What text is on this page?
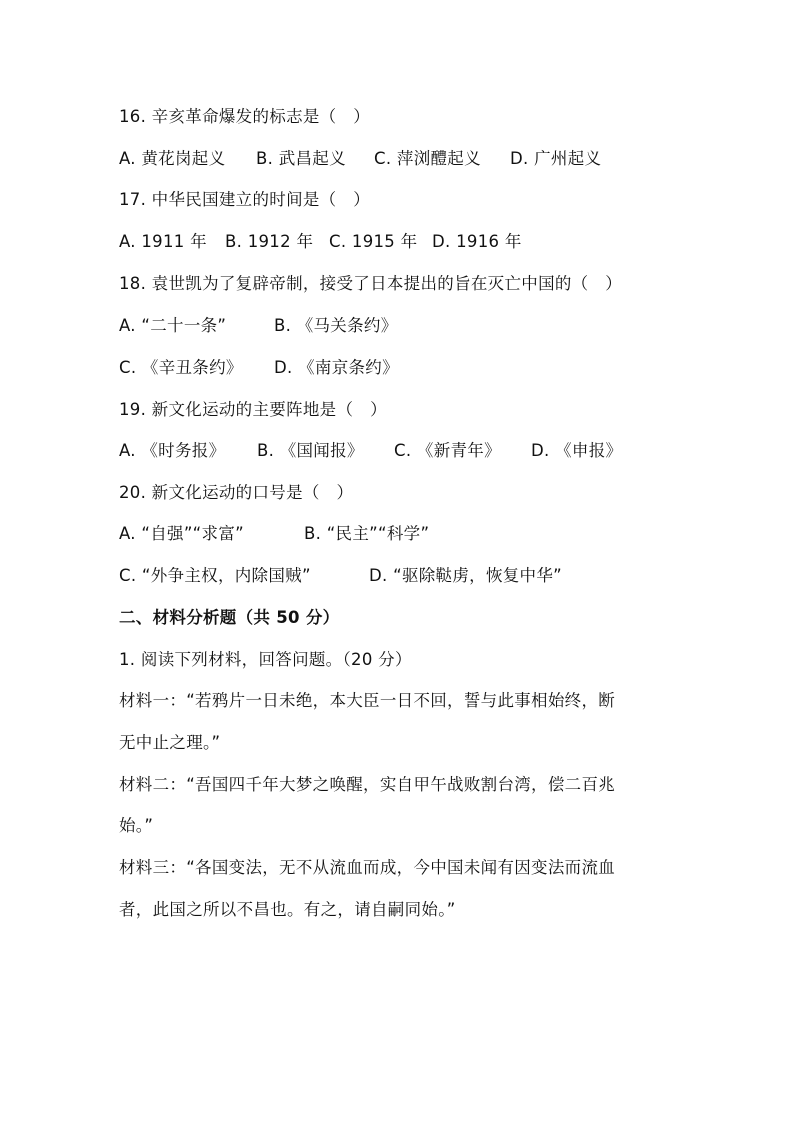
16. 辛亥革命爆发的标志是（　）
A. 黄花岗起义 B. 武昌起义 C. 萍浏醴起义 D. 广州起义
17. 中华民国建立的时间是（　）
A. 1911 年 B. 1912 年 C. 1915 年 D. 1916 年
18. 袁世凯为了复辟帝制，接受了日本提出的旨在灭亡中国的（　）
A. “二十一条”	B. 《马关条约》
C. 《辛丑条约》 D. 《南京条约》
19. 新文化运动的主要阵地是（　）
A. 《时务报》 B. 《国闻报》 C. 《新青年》 D. 《申报》
20. 新文化运动的口号是（　）
A. “自强”“求富”	B. “民主”“科学”
C. “外争主权，内除国贼”	D. “驱除鞑虏，恢复中华”
二、材料分析题（共 50 分）
1. 阅读下列材料，回答问题。（20 分）
材料一：“若鸦片一日未绝，本大臣一日不回，誓与此事相始终，断
无中止之理。”
材料二：“吾国四千年大梦之唤醒，实自甲午战败割台湾，偿二百兆
始。”
材料三：“各国变法，无不从流血而成，今中国未闻有因变法而流血
者，此国之所以不昌也。有之，请自嗣同始。”
